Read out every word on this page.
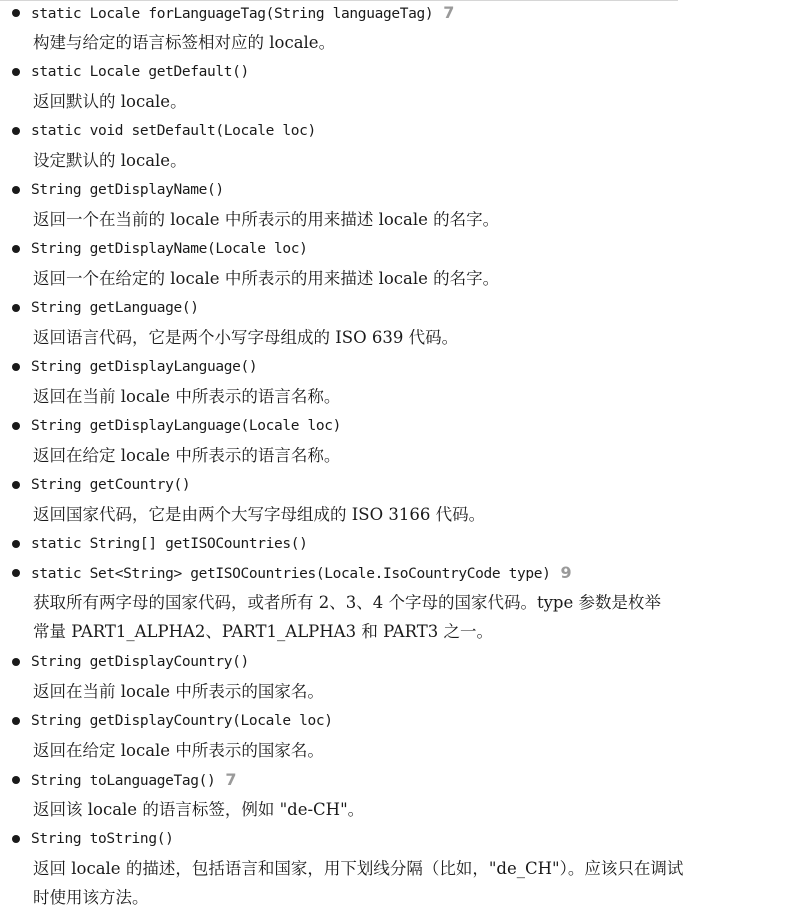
static Locale forLanguageTag(String languageTag) 7
构建与给定的语言标签相对应的 locale。
static Locale getDefault()
返回默认的 locale。
static void setDefault(Locale loc)
设定默认的 locale。
String getDisplayName()
返回一个在当前的 locale 中所表示的用来描述 locale 的名字。
String getDisplayName(Locale loc)
返回一个在给定的 locale 中所表示的用来描述 locale 的名字。
String getLanguage()
返回语言代码，它是两个小写字母组成的 ISO 639 代码。
String getDisplayLanguage()
返回在当前 locale 中所表示的语言名称。
String getDisplayLanguage(Locale loc)
返回在给定 locale 中所表示的语言名称。
String getCountry()
返回国家代码，它是由两个大写字母组成的 ISO 3166 代码。
static String[] getISOCountries()
static Set<String> getISOCountries(Locale.IsoCountryCode type) 9
获取所有两字母的国家代码，或者所有 2、3、4 个字母的国家代码。type 参数是枚举
常量 PART1_ALPHA2、PART1_ALPHA3 和 PART3 之一。
String getDisplayCountry()
返回在当前 locale 中所表示的国家名。
String getDisplayCountry(Locale loc)
返回在给定 locale 中所表示的国家名。
String toLanguageTag() 7
返回该 locale 的语言标签，例如 "de-CH"。
String toString()
返回 locale 的描述，包括语言和国家，用下划线分隔（比如，"de_CH"）。应该只在调试
时使用该方法。
